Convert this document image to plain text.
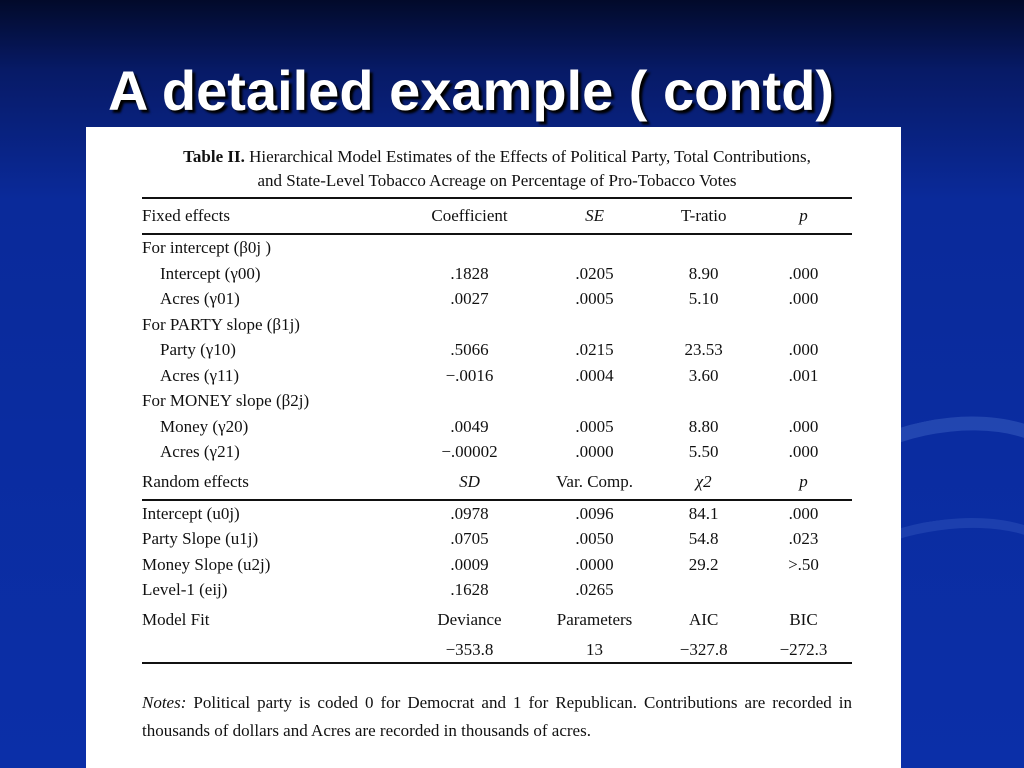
A detailed example ( contd)
Table II. Hierarchical Model Estimates of the Effects of Political Party, Total Contributions,
and State-Level Tobacco Acreage on Percentage of Pro-Tobacco Votes
Fixed effects	Coefficient	SE	T-ratio	p
For intercept (β0j )				
Intercept (γ00)	.1828	.0205	8.90	.000
Acres (γ01)	.0027	.0005	5.10	.000
For PARTY slope (β1j)				
Party (γ10)	.5066	.0215	23.53	.000
Acres (γ11)	−.0016	.0004	3.60	.001
For MONEY slope (β2j)				
Money (γ20)	.0049	.0005	8.80	.000
Acres (γ21)	−.00002	.0000	5.50	.000
Random effects	SD	Var. Comp.	χ2	p
Intercept (u0j)	.0978	.0096	84.1	.000
Party Slope (u1j)	.0705	.0050	54.8	.023
Money Slope (u2j)	.0009	.0000	29.2	>.50
Level-1 (eij)	.1628	.0265		
Model Fit	Deviance	Parameters	AIC	BIC
	−353.8	13	−327.8	−272.3
Notes: Political party is coded 0 for Democrat and 1 for Republican. Contributions are recorded in thousands of dollars and Acres are recorded in thousands of acres.
